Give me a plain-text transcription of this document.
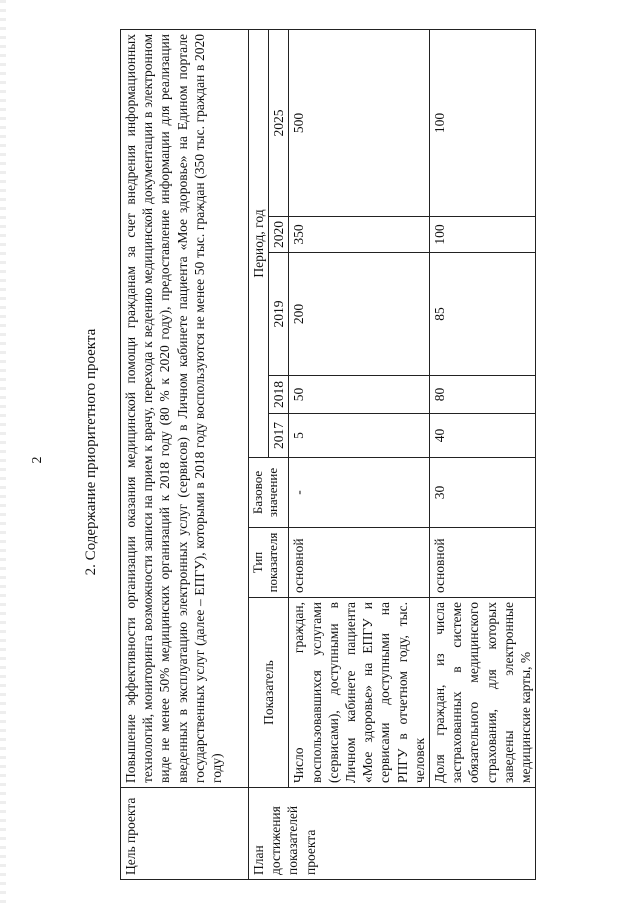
2	2. Содержание приоритетного проекта
Цель проекта	Повышение эффективности организации оказания медицинской помощи гражданам за счет внедрения информационных технологий, мониторинга возможности записи на прием к врачу, перехода к ведению медицинской документации в электронном виде не менее 50% медицинских организаций к 2018 году (80 % к 2020 году), предоставление информации для реализации введенных в эксплуатацию электронных услуг (сервисов) в Личном кабинете пациента «Мое здоровье» на Едином портале государственных услуг (далее – ЕПГУ), которыми в 2018 году воспользуются не менее 50 тыс. граждан (350 тыс. граждан в 2020 году)							
План достижения показателей проекта	Показатель	Тип показателя	Базовое значение	Период, год				
				2017	2018	2019	2020	2025
	Число граждан, воспользовавшихся услугами (сервисами), доступными в Личном кабинете пациента «Мое здоровье» на ЕПГУ и сервисами доступными на РПГУ в отчетном году, тыс. человек	основной	-	5	50	200	350	500
	Доля граждан, из числа застрахованных в системе обязательного медицинского страхования, для которых заведены электронные медицинские карты, %	основной	30	40	80	85	100	100
